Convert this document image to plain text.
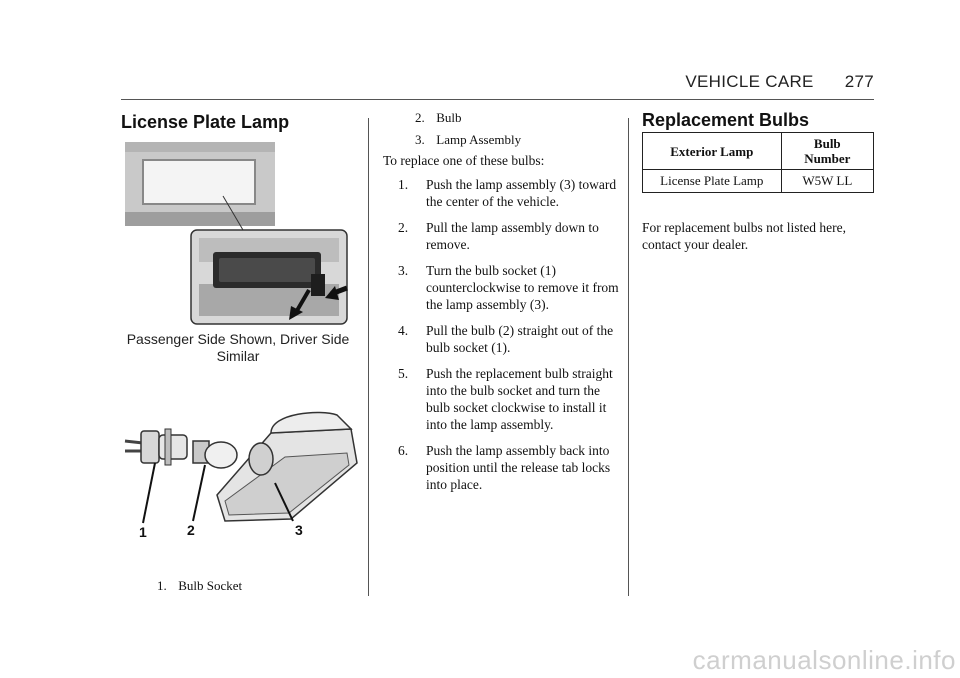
VEHICLE CARE 277
License Plate Lamp
Passenger Side Shown, Driver Side Similar
1	2	3
1. Bulb Socket
2. Bulb
3. Lamp Assembly
To replace one of these bulbs:
1. Push the lamp assembly (3) toward the center of the vehicle.
2. Pull the lamp assembly down to remove.
3. Turn the bulb socket (1) counterclockwise to remove it from the lamp assembly (3).
4. Pull the bulb (2) straight out of the bulb socket (1).
5. Push the replacement bulb straight into the bulb socket and turn the bulb socket clockwise to install it into the lamp assembly.
6. Push the lamp assembly back into position until the release tab locks into place.
Replacement Bulbs
Exterior Lamp	Bulb Number
License Plate Lamp	W5W LL
For replacement bulbs not listed here, contact your dealer.
carmanualsonline.info
